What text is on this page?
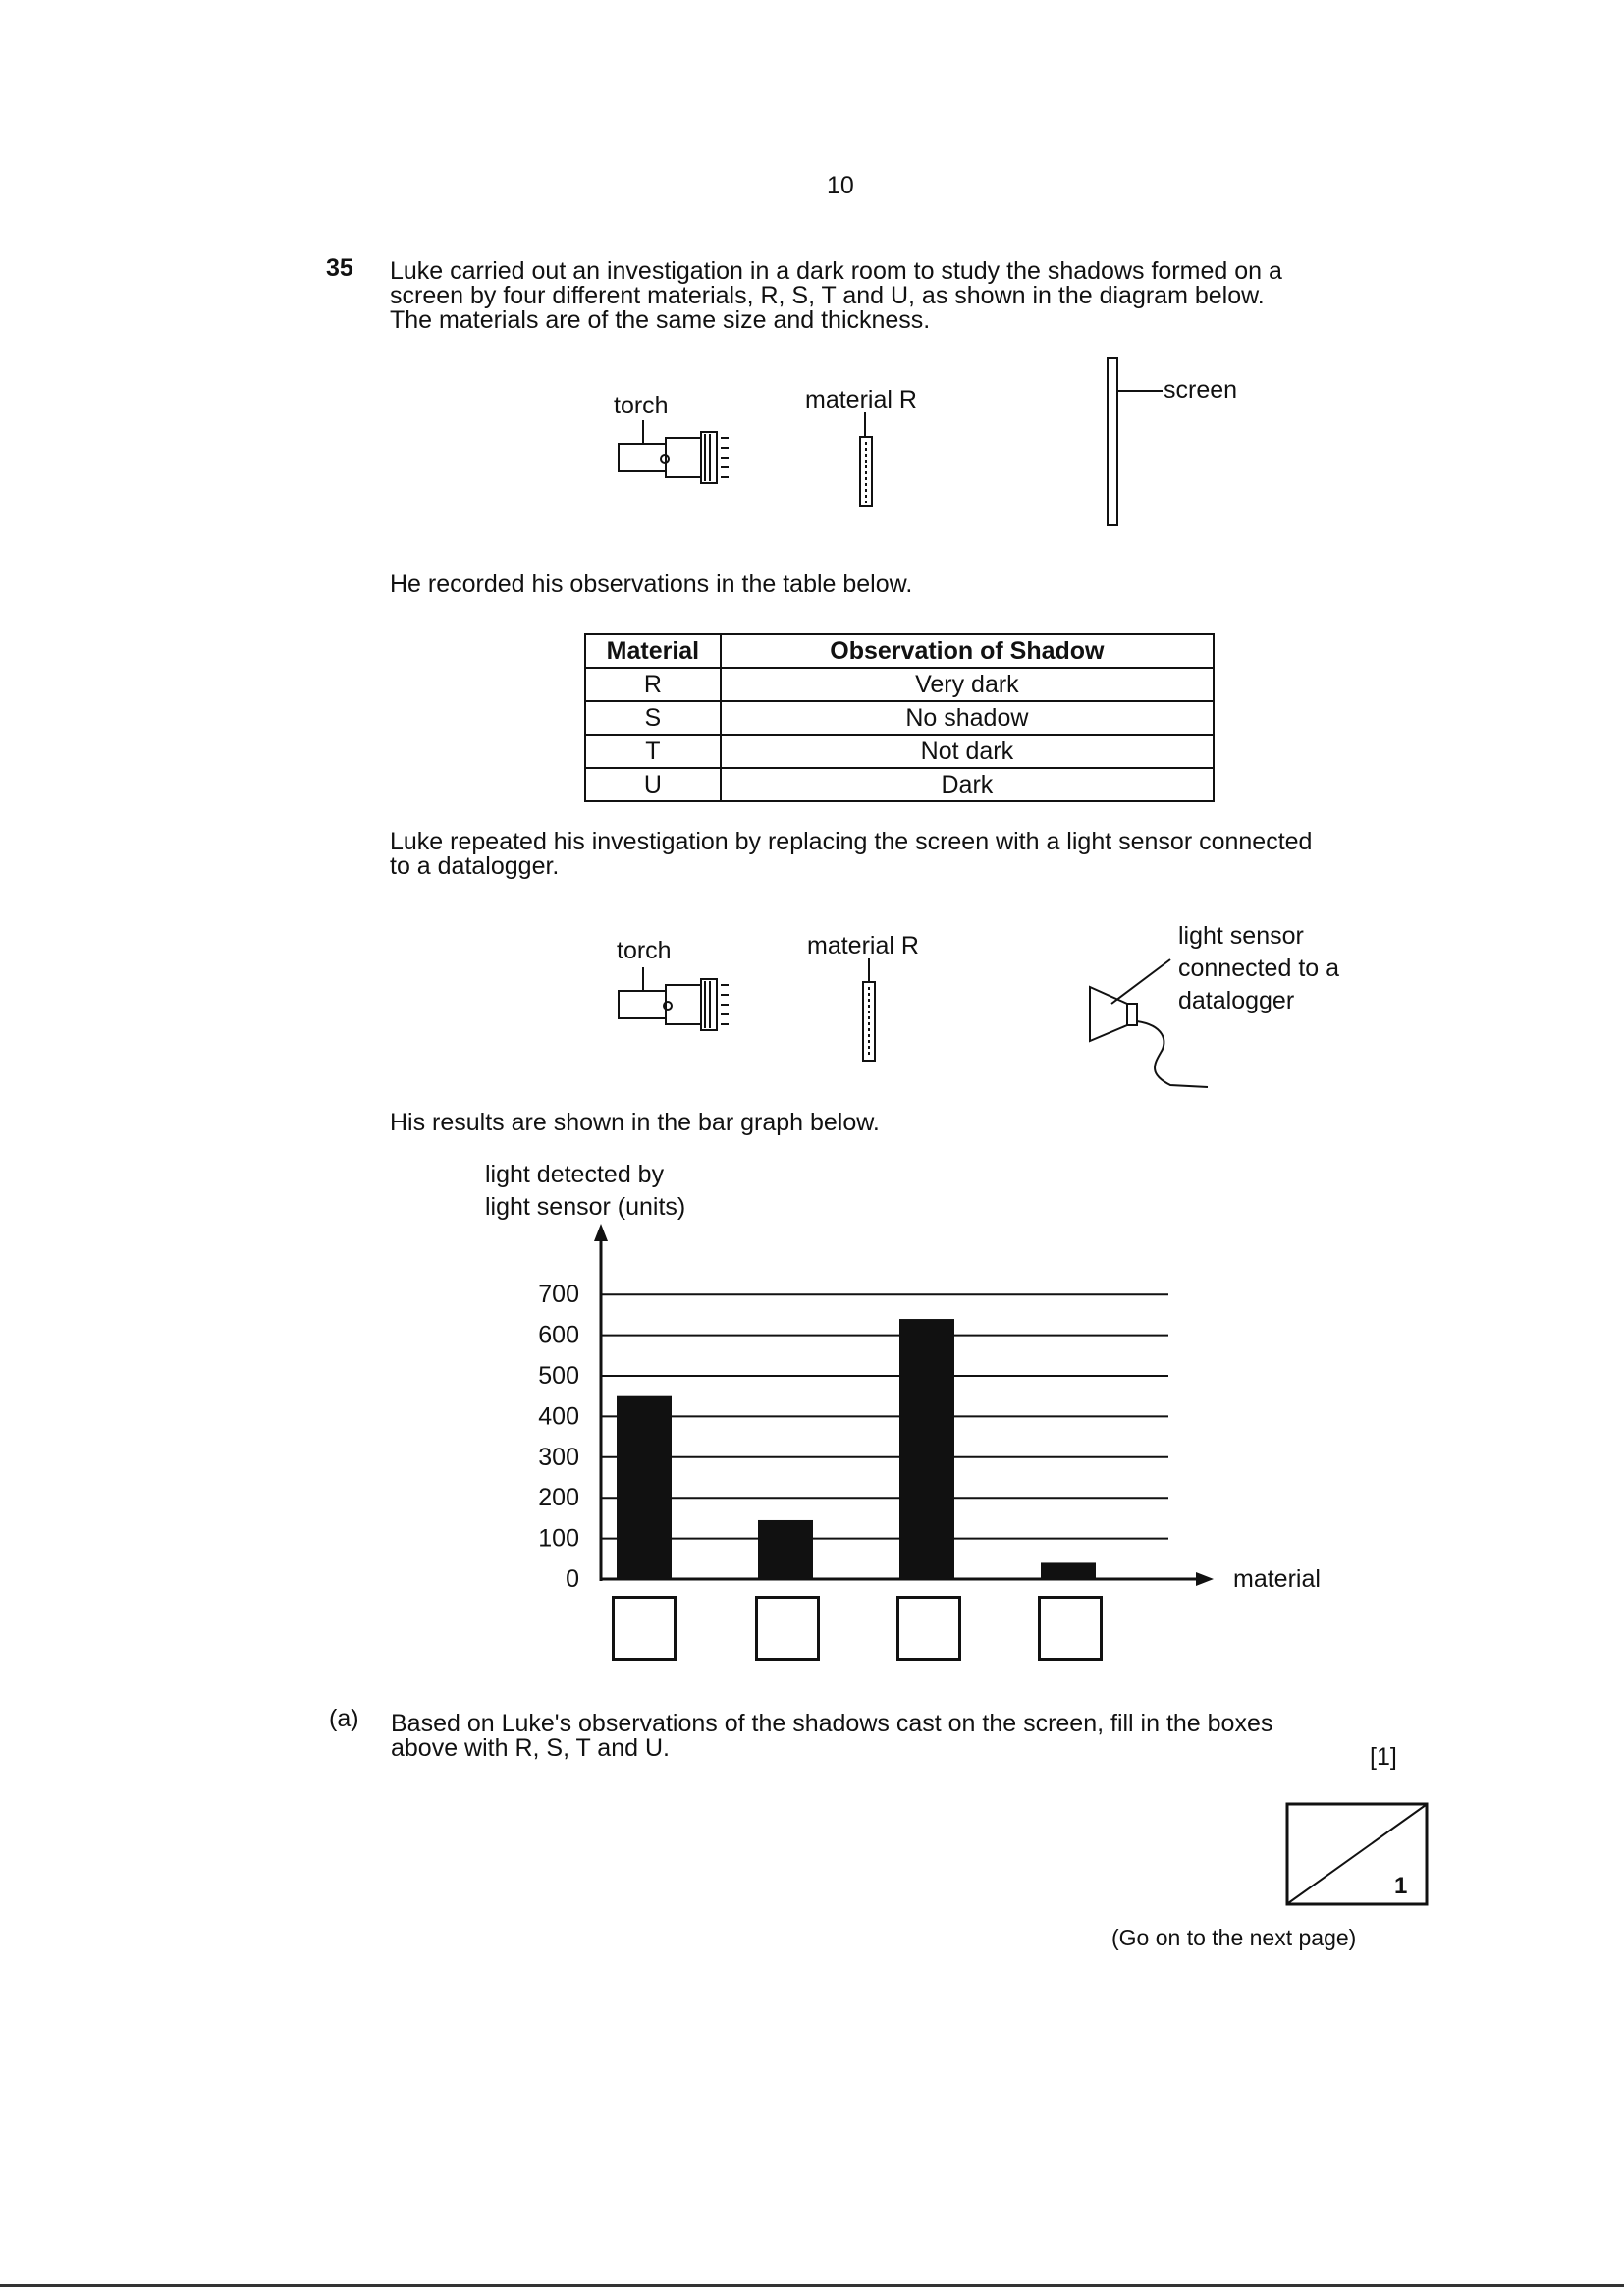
10
35 Luke carried out an investigation in a dark room to study the shadows formed on a
screen by four different materials, R, S, T and U, as shown in the diagram below.
The materials are of the same size and thickness.
torch	material R	screen
He recorded his observations in the table below.
Material	Observation of Shadow
R	Very dark
S	No shadow
T	Not dark
U	Dark
Luke repeated his investigation by replacing the screen with a light sensor connected
to a datalogger.
torch	material R	light sensor
connected to a
datalogger
His results are shown in the bar graph below.
light detected by
light sensor (units)
0
100
200
300
400
500
600
700
material
(a) Based on Luke's observations of the shadows cast on the screen, fill in the boxes
above with R, S, T and U.	[1]
1
(Go on to the next page)
